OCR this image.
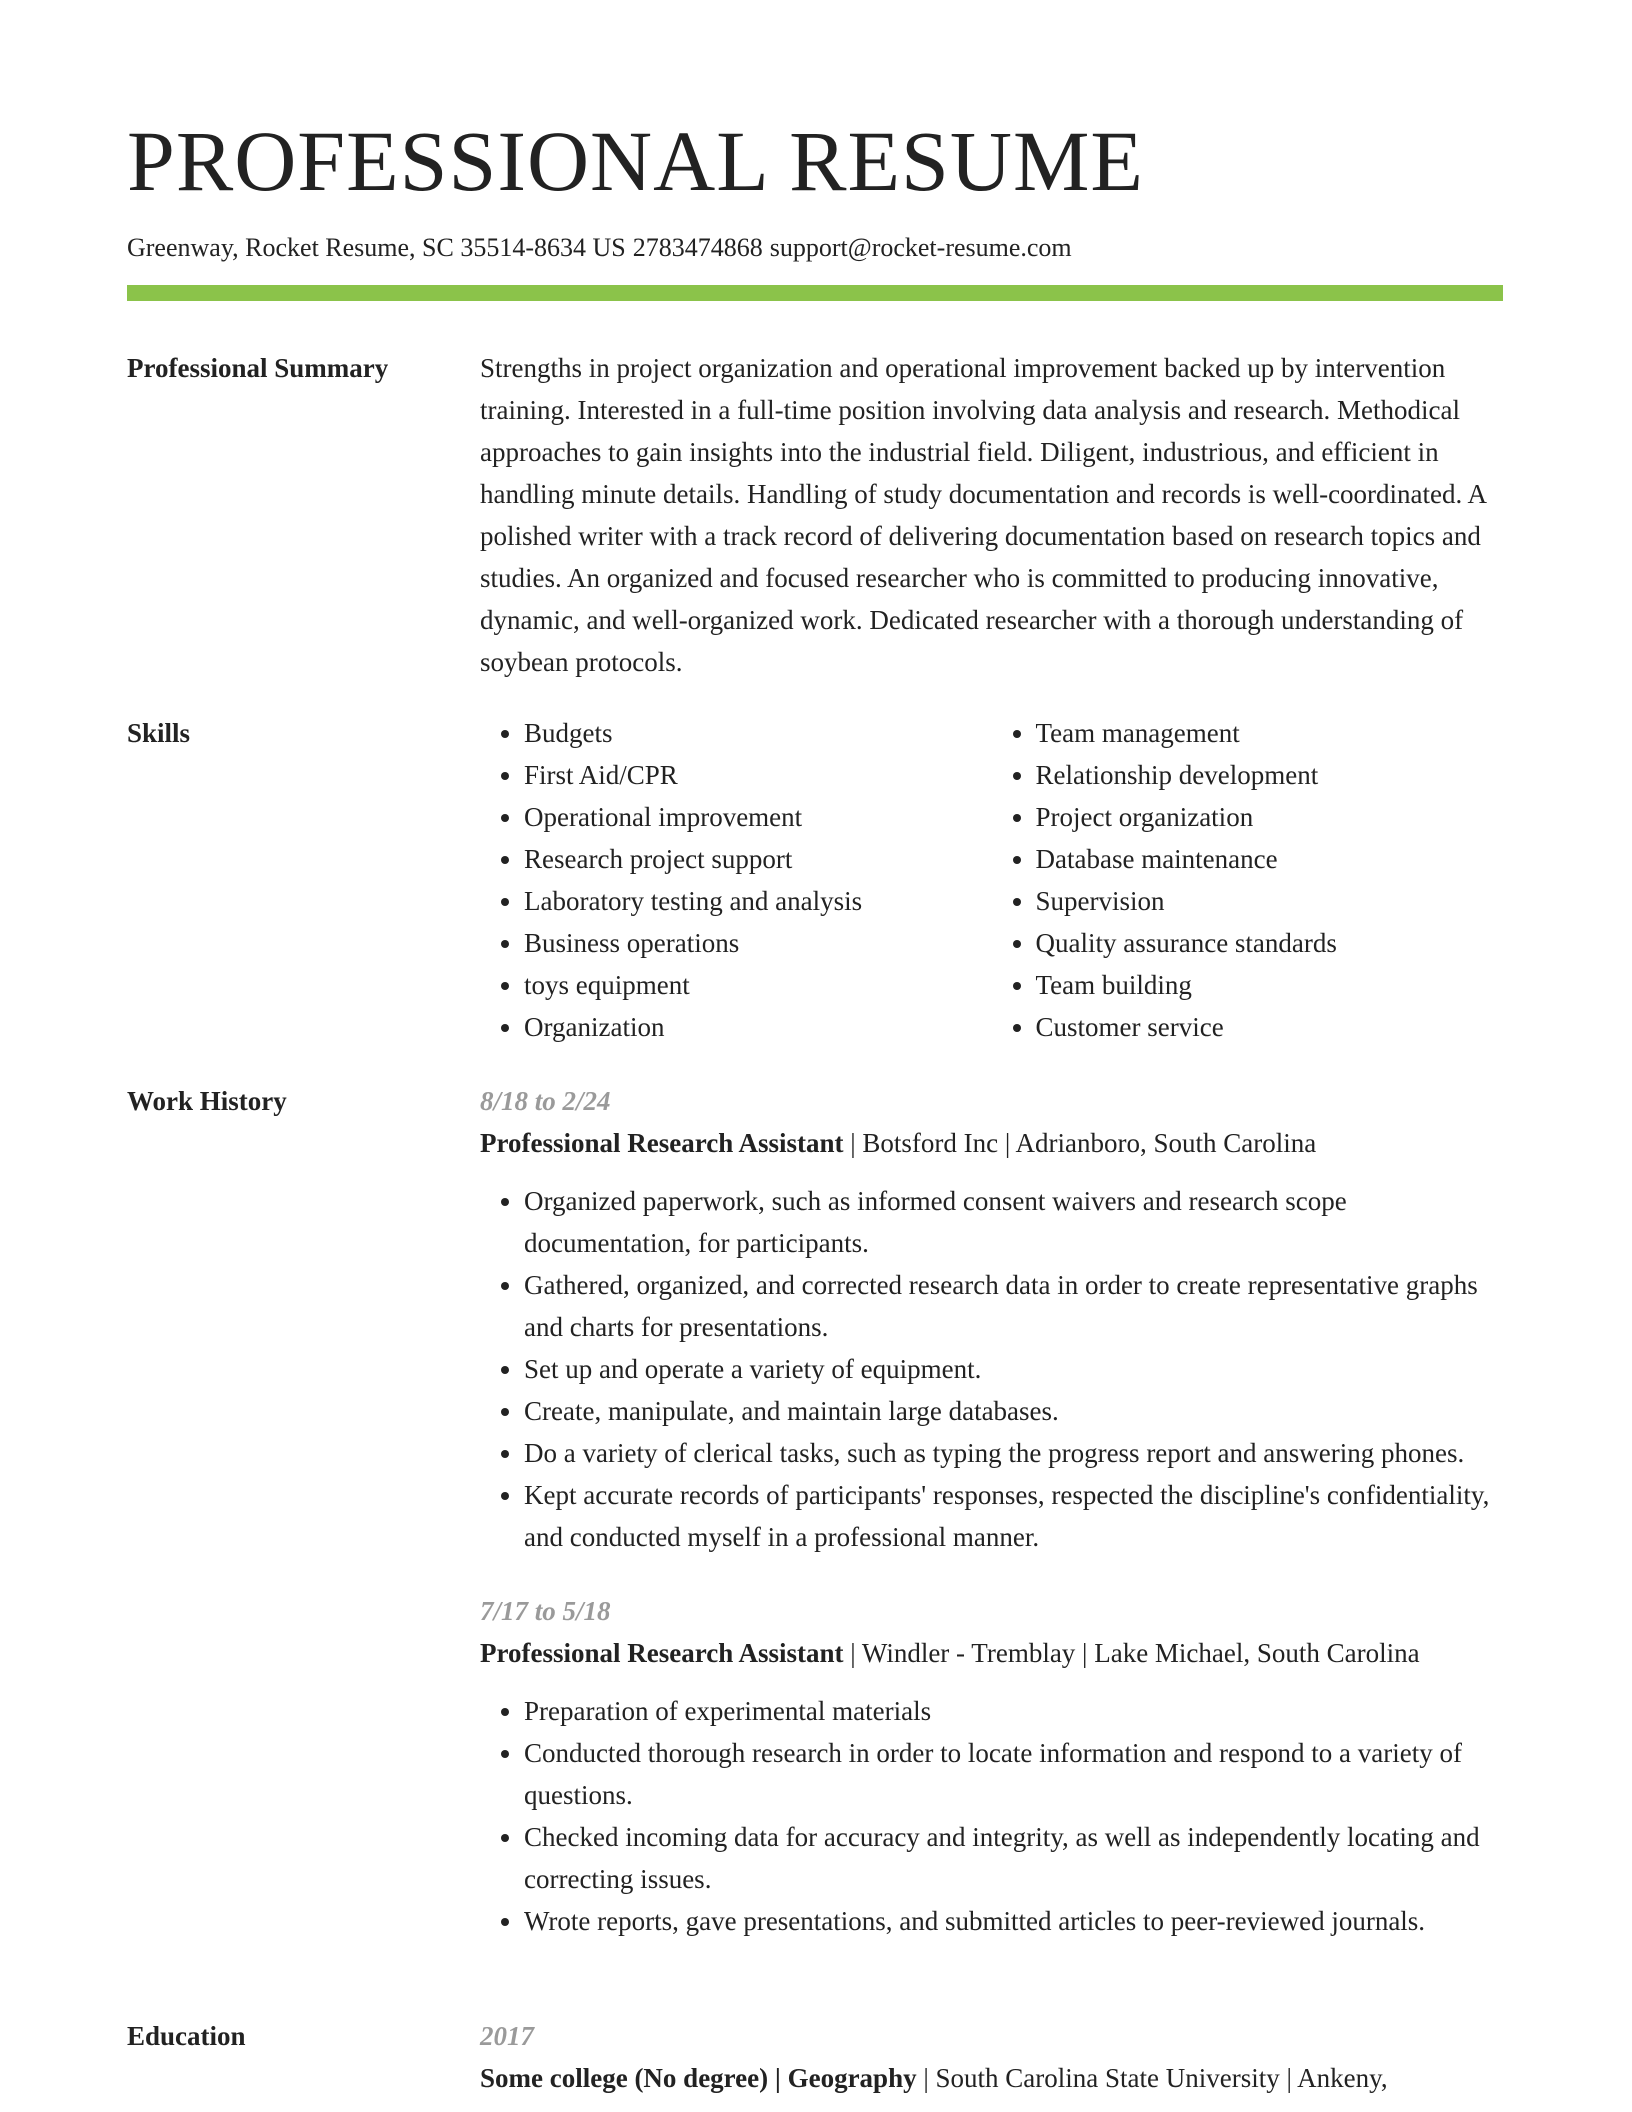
PROFESSIONAL RESUME
Greenway, Rocket Resume, SC 35514-8634 US 2783474868 support@rocket-resume.com
Professional Summary	Strengths in project organization and operational improvement backed up by intervention training. Interested in a full-time position involving data analysis and research. Methodical approaches to gain insights into the industrial field. Diligent, industrious, and efficient in handling minute details. Handling of study documentation and records is well-coordinated. A polished writer with a track record of delivering documentation based on research topics and studies. An organized and focused researcher who is committed to producing innovative, dynamic, and well-organized work. Dedicated researcher with a thorough understanding of soybean protocols.

Skills
•	Budgets
• First Aid/CPR
• Operational improvement
• Research project support
• Laboratory testing and analysis
• Business operations
• toys equipment
• Organization
• Team management
• Relationship development
• Project organization
• Database maintenance
• Supervision
• Quality assurance standards
• Team building
• Customer service
Work History	8/18 to 2/24
Professional Research Assistant | Botsford Inc | Adrianboro, South Carolina
• Organized paperwork, such as informed consent waivers and research scope documentation, for participants.
• Gathered, organized, and corrected research data in order to create representative graphs and charts for presentations.
• Set up and operate a variety of equipment.
• Create, manipulate, and maintain large databases.
• Do a variety of clerical tasks, such as typing the progress report and answering phones.
• Kept accurate records of participants' responses, respected the discipline's confidentiality, and conducted myself in a professional manner.
7/17 to 5/18
Professional Research Assistant | Windler - Tremblay | Lake Michael, South Carolina
• Preparation of experimental materials
• Conducted thorough research in order to locate information and respond to a variety of questions.
• Checked incoming data for accuracy and integrity, as well as independently locating and correcting issues.
• Wrote reports, gave presentations, and submitted articles to peer-reviewed journals.
Education	2017
Some college (No degree) | Geography | South Carolina State University | Ankeny,
